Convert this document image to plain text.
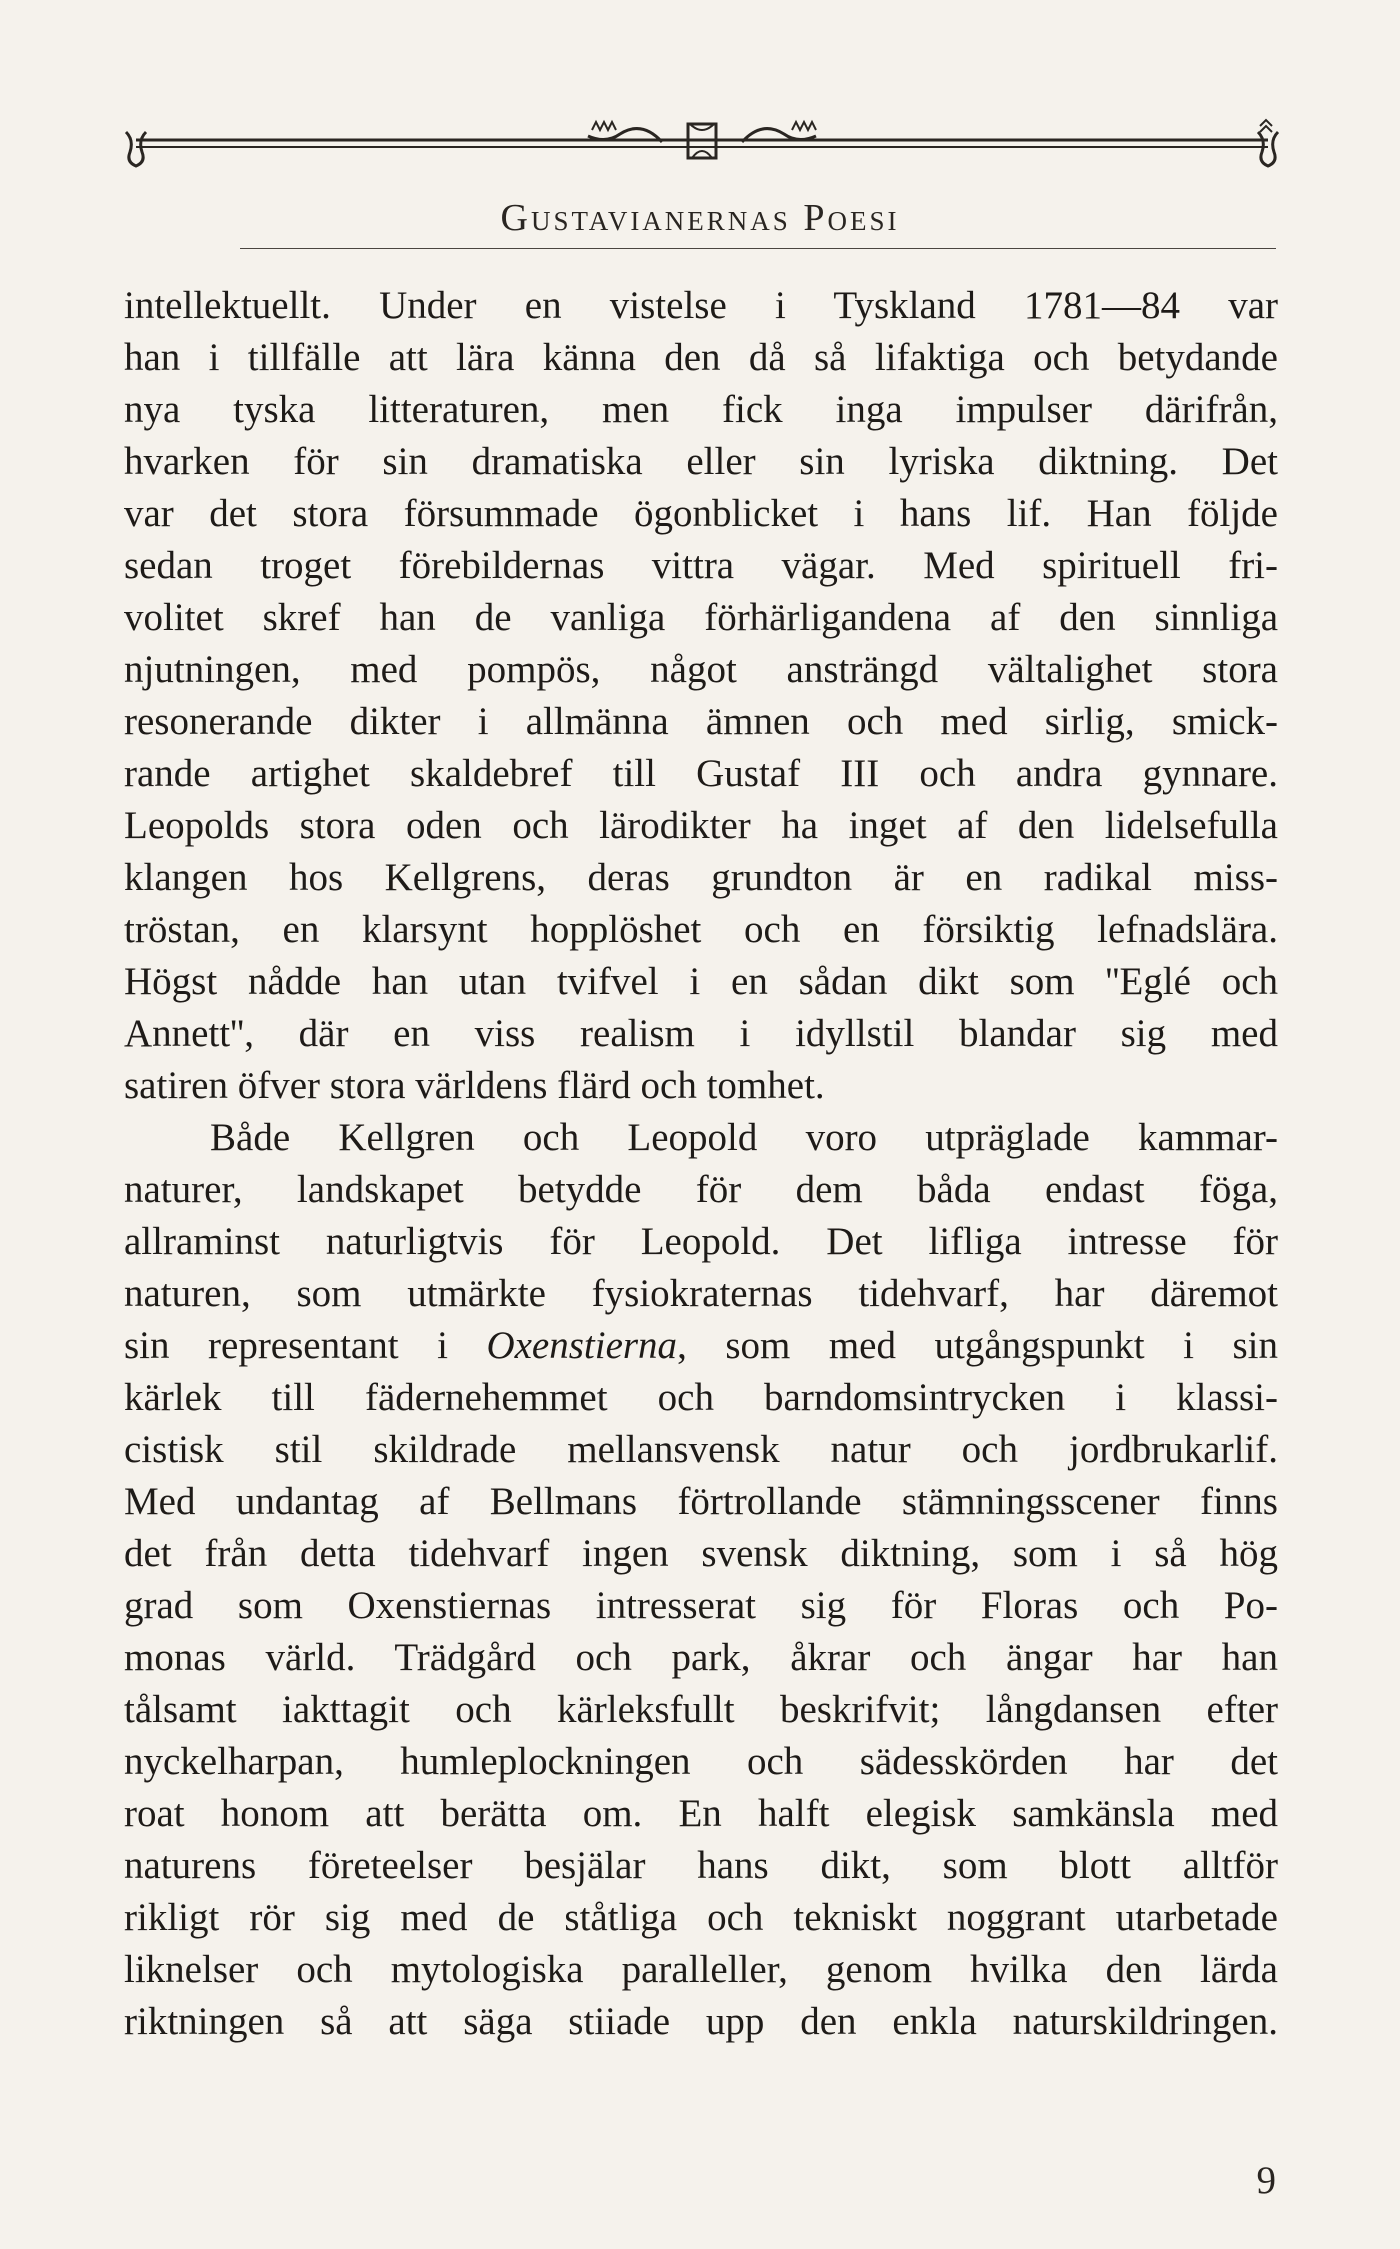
Gustavianernas Poesi
intellektuellt. Under en vistelse i Tyskland 1781—84 var
han i tillfälle att lära känna den då så lifaktiga och betydande
nya tyska litteraturen, men fick inga impulser därifrån,
hvarken för sin dramatiska eller sin lyriska diktning. Det
var det stora försummade ögonblicket i hans lif. Han följde
sedan troget förebildernas vittra vägar. Med spirituell fri-
volitet skref han de vanliga förhärligandena af den sinnliga
njutningen, med pompös, något ansträngd vältalighet stora
resonerande dikter i allmänna ämnen och med sirlig, smick-
rande artighet skaldebref till Gustaf III och andra gynnare.
Leopolds stora oden och lärodikter ha inget af den lidelsefulla
klangen hos Kellgrens, deras grundton är en radikal miss-
tröstan, en klarsynt hopplöshet och en försiktig lefnadslära.
Högst nådde han utan tvifvel i en sådan dikt som ''Eglé och
Annett'', där en viss realism i idyllstil blandar sig med
satiren öfver stora världens flärd och tomhet.
Både Kellgren och Leopold voro utpräglade kammar-
naturer, landskapet betydde för dem båda endast föga,
allraminst naturligtvis för Leopold. Det lifliga intresse för
naturen, som utmärkte fysiokraternas tidehvarf, har däremot
sin representant i Oxenstierna, som med utgångspunkt i sin
kärlek till fädernehemmet och barndomsintrycken i klassi-
cistisk stil skildrade mellansvensk natur och jordbrukarlif.
Med undantag af Bellmans förtrollande stämningsscener finns
det från detta tidehvarf ingen svensk diktning, som i så hög
grad som Oxenstiernas intresserat sig för Floras och Po-
monas värld. Trädgård och park, åkrar och ängar har han
tålsamt iakttagit och kärleksfullt beskrifvit; långdansen efter
nyckelharpan, humleplockningen och sädesskörden har det
roat honom att berätta om. En halft elegisk samkänsla med
naturens företeelser besjälar hans dikt, som blott alltför
rikligt rör sig med de ståtliga och tekniskt noggrant utarbetade
liknelser och mytologiska paralleller, genom hvilka den lärda
riktningen så att säga stiiade upp den enkla naturskildringen.
9
